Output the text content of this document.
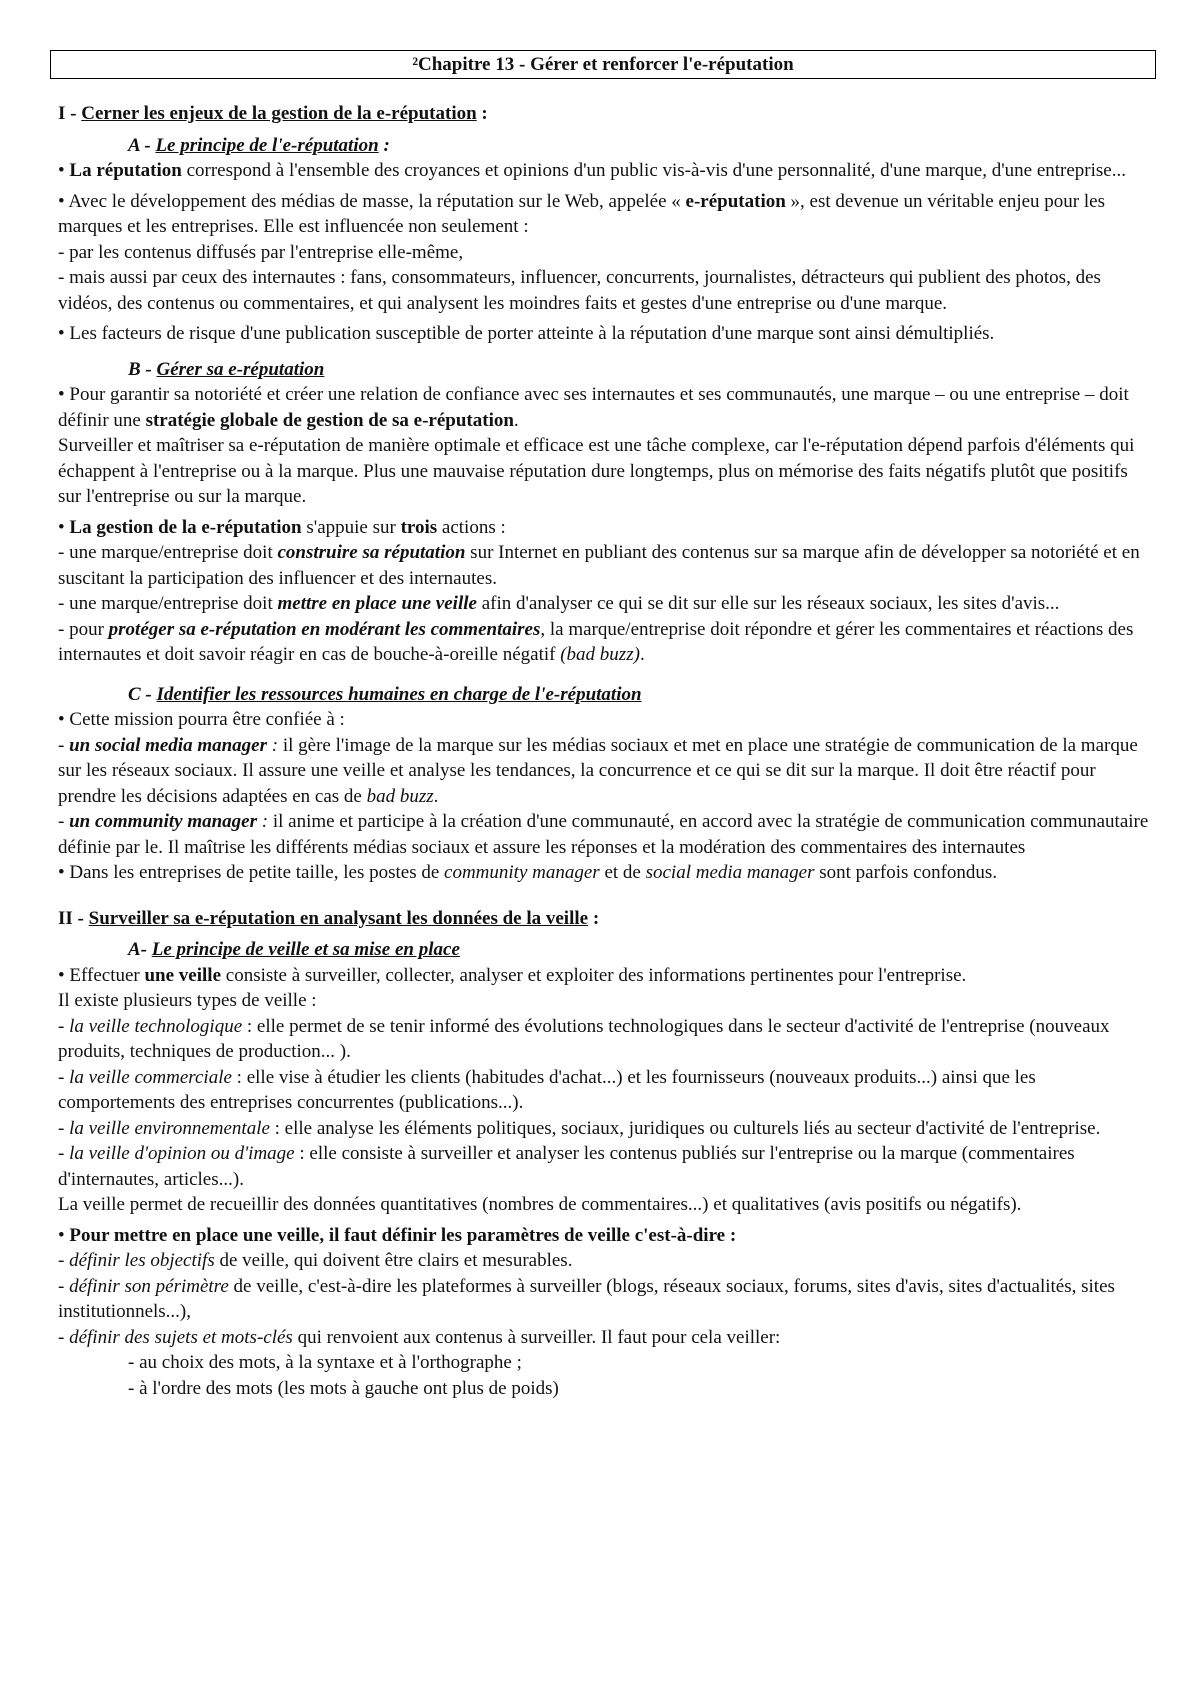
²Chapitre 13 - Gérer et renforcer l'e-réputation
I - Cerner les enjeux de la gestion de la e-réputation :
A - Le principe de l'e-réputation :

• La réputation correspond à l'ensemble des croyances et opinions d'un public vis-à-vis d'une personnalité, d'une marque, d'une entreprise...

• Avec le développement des médias de masse, la réputation sur le Web, appelée « e-réputation », est devenue un véritable enjeu pour les marques et les entreprises. Elle est influencée non seulement :
- par les contenus diffusés par l'entreprise elle-même,
- mais aussi par ceux des internautes : fans, consommateurs, influencer, concurrents, journalistes, détracteurs qui publient des photos, des vidéos, des contenus ou commentaires, et qui analysent les moindres faits et gestes d'une entreprise ou d'une marque.

• Les facteurs de risque d'une publication susceptible de porter atteinte à la réputation d'une marque sont ainsi démultipliés.

B - Gérer sa e-réputation

• Pour garantir sa notoriété et créer une relation de confiance avec ses internautes et ses communautés, une marque – ou une entreprise – doit définir une stratégie globale de gestion de sa e-réputation.
Surveiller et maîtriser sa e-réputation de manière optimale et efficace est une tâche complexe, car l'e-réputation dépend parfois d'éléments qui échappent à l'entreprise ou à la marque. Plus une mauvaise réputation dure longtemps, plus on mémorise des faits négatifs plutôt que positifs sur l'entreprise ou sur la marque.

• La gestion de la e-réputation s'appuie sur trois actions :
- une marque/entreprise doit construire sa réputation sur Internet en publiant des contenus sur sa marque afin de développer sa notoriété et en suscitant la participation des influencer et des internautes.
- une marque/entreprise doit mettre en place une veille afin d'analyser ce qui se dit sur elle sur les réseaux sociaux, les sites d'avis...
- pour protéger sa e-réputation en modérant les commentaires, la marque/entreprise doit répondre et gérer les commentaires et réactions des internautes et doit savoir réagir en cas de bouche-à-oreille négatif (bad buzz).

C - Identifier les ressources humaines en charge de l'e-réputation

• Cette mission pourra être confiée à :
- un social media manager : il gère l'image de la marque sur les médias sociaux et met en place une stratégie de communication de la marque sur les réseaux sociaux. Il assure une veille et analyse les tendances, la concurrence et ce qui se dit sur la marque. Il doit être réactif pour prendre les décisions adaptées en cas de bad buzz.
- un community manager : il anime et participe à la création d'une communauté, en accord avec la stratégie de communication communautaire définie par le. Il maîtrise les différents médias sociaux et assure les réponses et la modération des commentaires des internautes
• Dans les entreprises de petite taille, les postes de community manager et de social media manager sont parfois confondus.

II - Surveiller sa e-réputation en analysant les données de la veille :
A- Le principe de veille et sa mise en place

• Effectuer une veille consiste à surveiller, collecter, analyser et exploiter des informations pertinentes pour l'entreprise.
Il existe plusieurs types de veille :
- la veille technologique : elle permet de se tenir informé des évolutions technologiques dans le secteur d'activité de l'entreprise (nouveaux produits, techniques de production... ).
- la veille commerciale : elle vise à étudier les clients (habitudes d'achat...) et les fournisseurs (nouveaux produits...) ainsi que les comportements des entreprises concurrentes (publications...).
- la veille environnementale : elle analyse les éléments politiques, sociaux, juridiques ou culturels liés au secteur d'activité de l'entreprise.
- la veille d'opinion ou d'image : elle consiste à surveiller et analyser les contenus publiés sur l'entreprise ou la marque (commentaires d'internautes, articles...).
La veille permet de recueillir des données quantitatives (nombres de commentaires...) et qualitatives (avis positifs ou négatifs).

• Pour mettre en place une veille, il faut définir les paramètres de veille c'est-à-dire :
- définir les objectifs de veille, qui doivent être clairs et mesurables.
- définir son périmètre de veille, c'est-à-dire les plateformes à surveiller (blogs, réseaux sociaux, forums, sites d'avis, sites d'actualités, sites institutionnels...),
- définir des sujets et mots-clés qui renvoient aux contenus à surveiller. Il faut pour cela veiller:

- au choix des mots, à la syntaxe et à l'orthographe ;

- à l'ordre des mots (les mots à gauche ont plus de poids)
